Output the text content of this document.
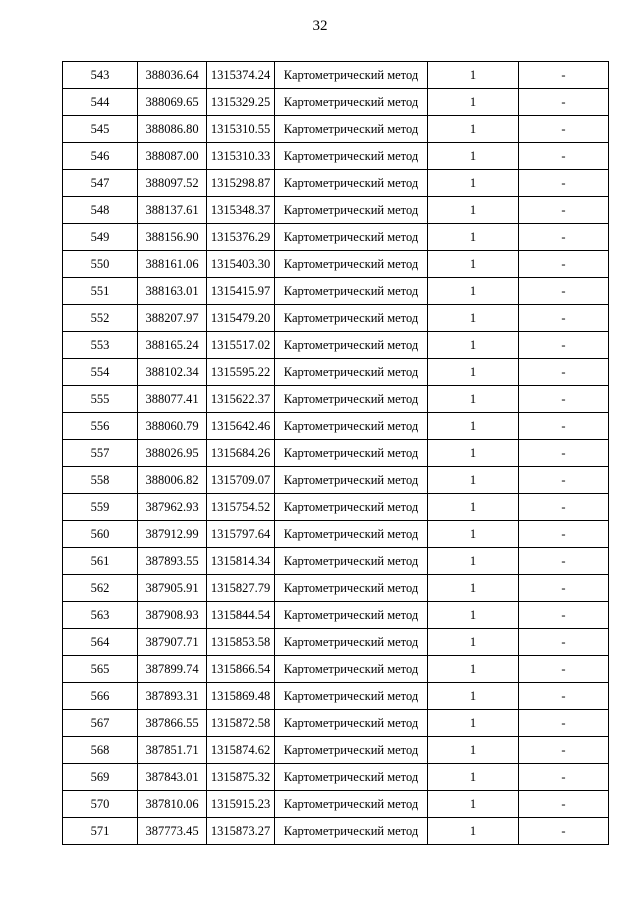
32
543	388036.64	1315374.24	Картометрический метод	1	-
544	388069.65	1315329.25	Картометрический метод	1	-
545	388086.80	1315310.55	Картометрический метод	1	-
546	388087.00	1315310.33	Картометрический метод	1	-
547	388097.52	1315298.87	Картометрический метод	1	-
548	388137.61	1315348.37	Картометрический метод	1	-
549	388156.90	1315376.29	Картометрический метод	1	-
550	388161.06	1315403.30	Картометрический метод	1	-
551	388163.01	1315415.97	Картометрический метод	1	-
552	388207.97	1315479.20	Картометрический метод	1	-
553	388165.24	1315517.02	Картометрический метод	1	-
554	388102.34	1315595.22	Картометрический метод	1	-
555	388077.41	1315622.37	Картометрический метод	1	-
556	388060.79	1315642.46	Картометрический метод	1	-
557	388026.95	1315684.26	Картометрический метод	1	-
558	388006.82	1315709.07	Картометрический метод	1	-
559	387962.93	1315754.52	Картометрический метод	1	-
560	387912.99	1315797.64	Картометрический метод	1	-
561	387893.55	1315814.34	Картометрический метод	1	-
562	387905.91	1315827.79	Картометрический метод	1	-
563	387908.93	1315844.54	Картометрический метод	1	-
564	387907.71	1315853.58	Картометрический метод	1	-
565	387899.74	1315866.54	Картометрический метод	1	-
566	387893.31	1315869.48	Картометрический метод	1	-
567	387866.55	1315872.58	Картометрический метод	1	-
568	387851.71	1315874.62	Картометрический метод	1	-
569	387843.01	1315875.32	Картометрический метод	1	-
570	387810.06	1315915.23	Картометрический метод	1	-
571	387773.45	1315873.27	Картометрический метод	1	-
